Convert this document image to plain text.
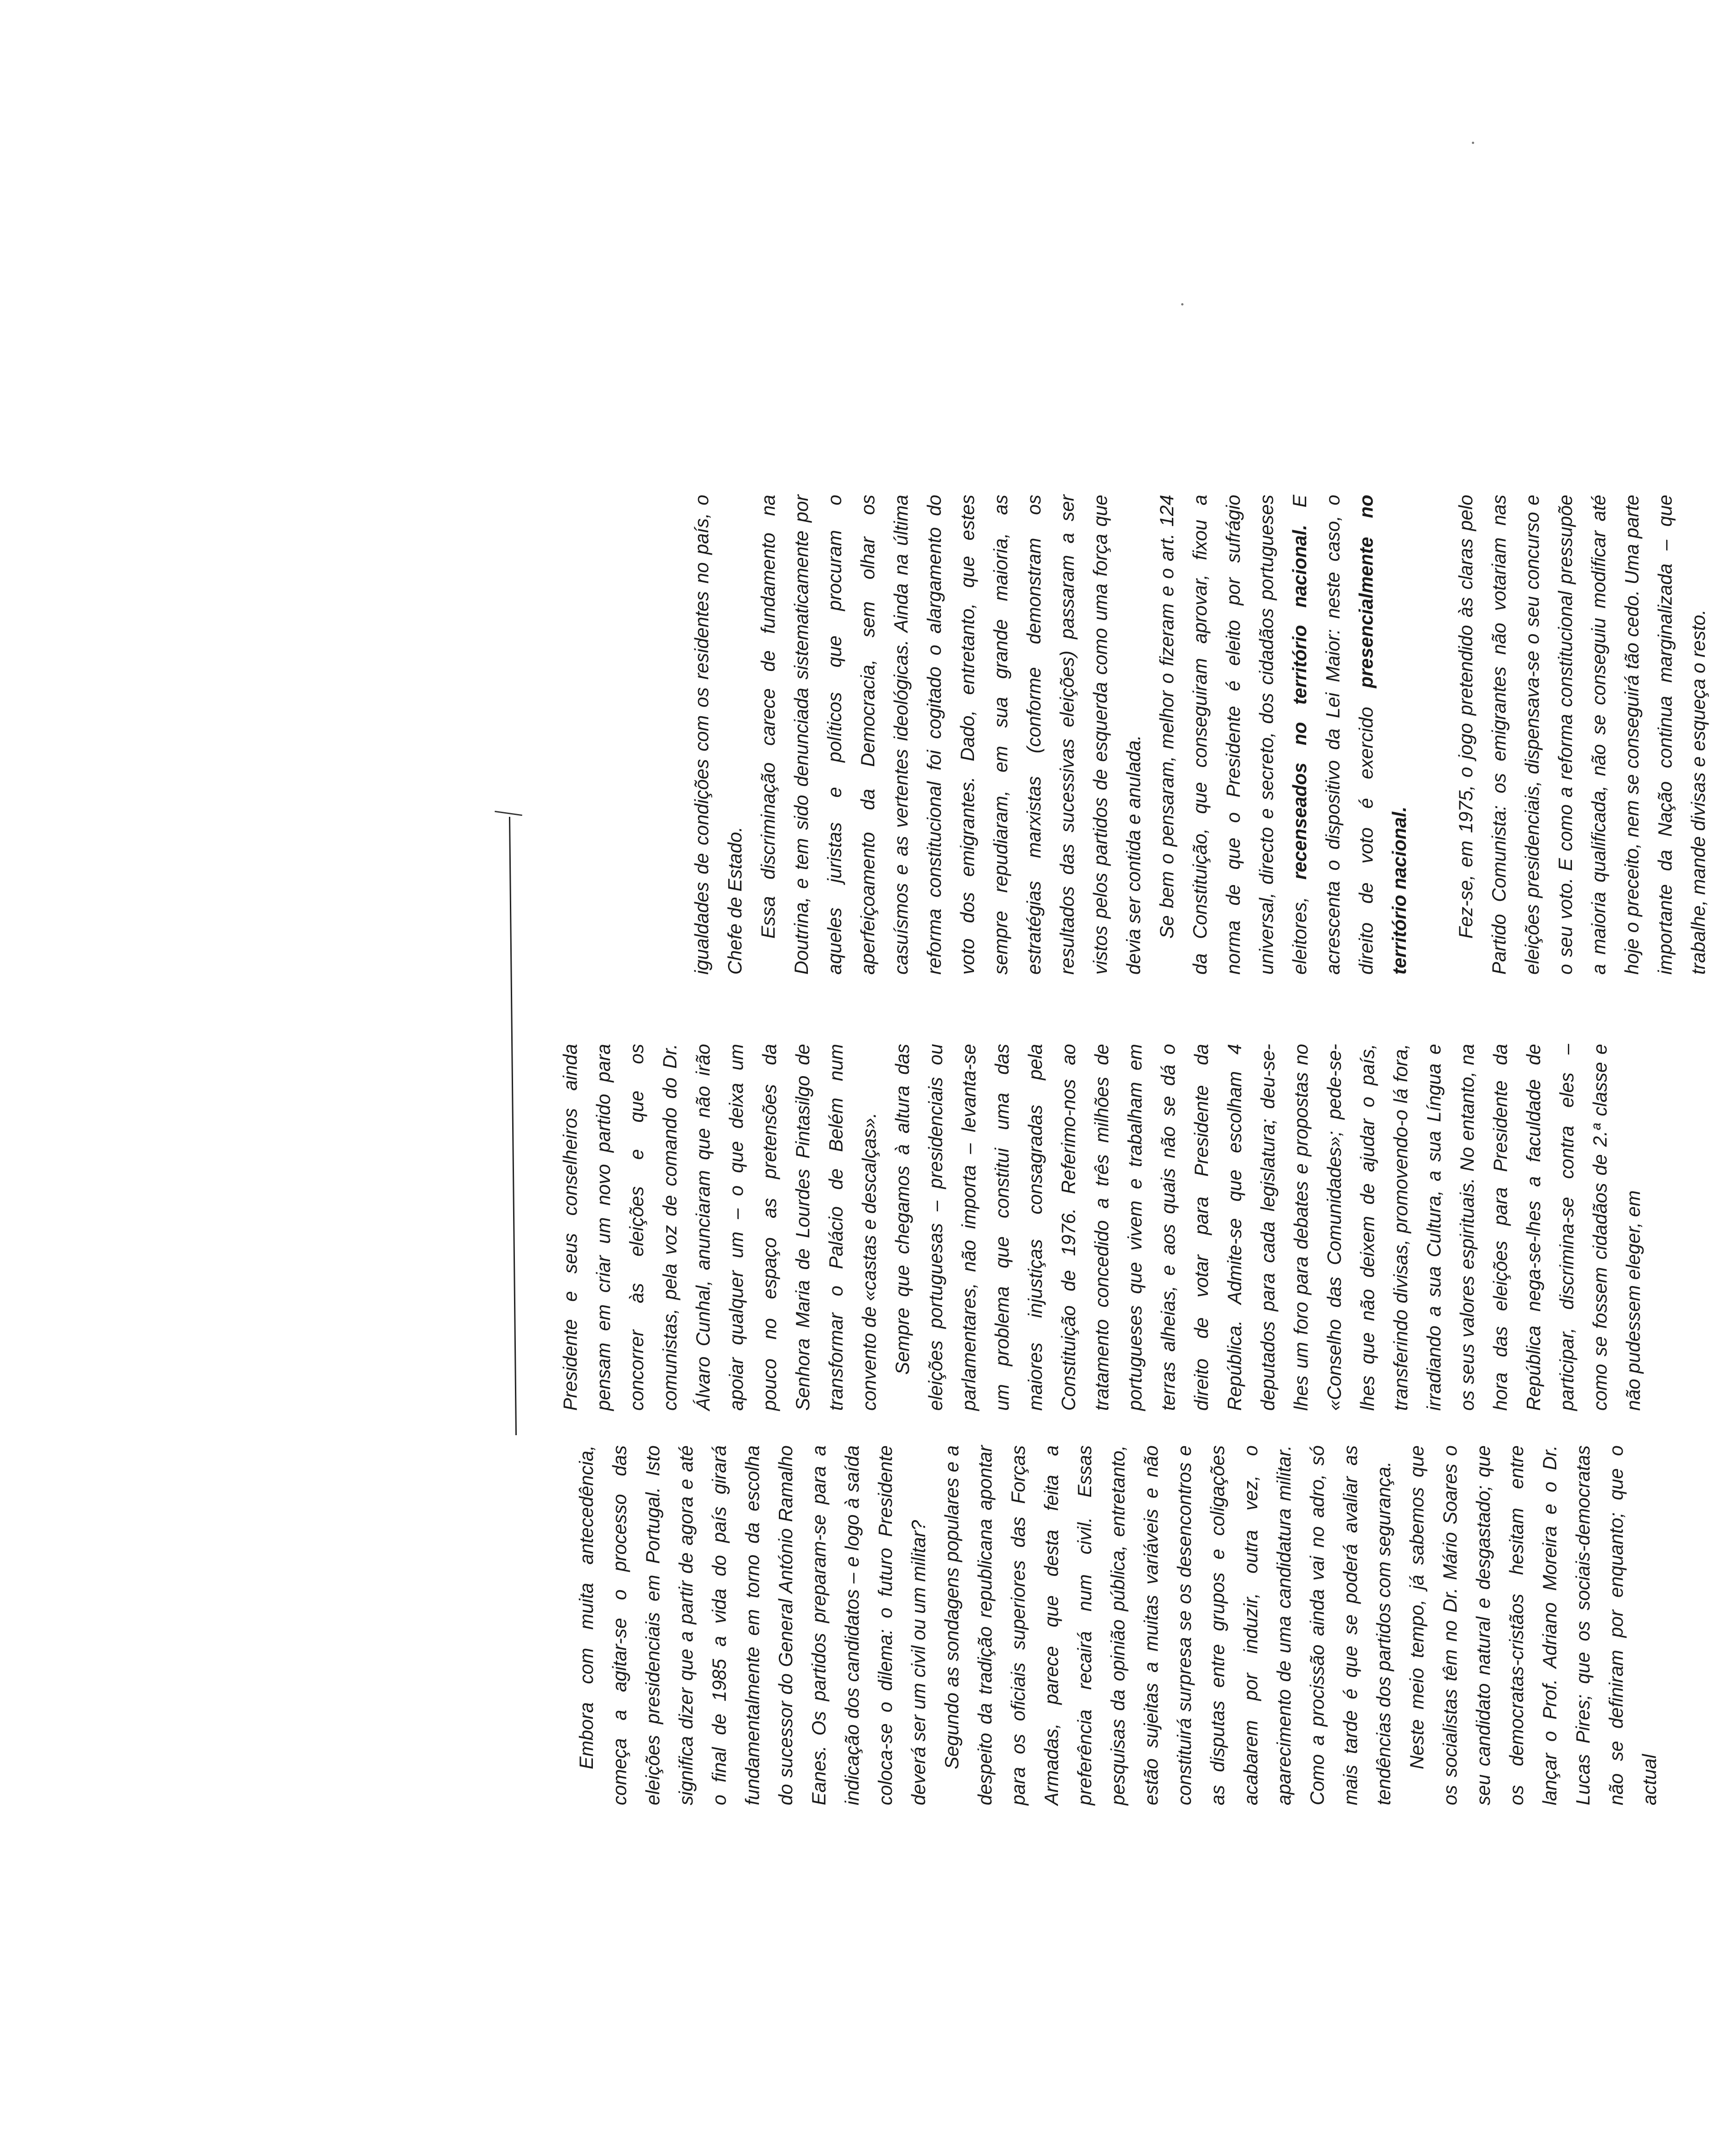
Embora com muita antecedência, começa a agitar-se o processo das eleições presidenciais em Portugal. Isto significa dizer que a partir de agora e até o final de 1985 a vida do país girará fundamentalmente em torno da escolha do sucessor do General António Ramalho Eanes. Os partidos preparam-se para a indicação dos candidatos – e logo à saída coloca-se o dilema: o futuro Presidente deverá ser um civil ou um militar? Segundo as sondagens populares e a despeito da tradição republicana apontar para os oficiais superiores das Forças Armadas, parece que desta feita a preferência recairá num civil. Essas pesquisas da opinião pública, entretanto, estão sujeitas a muitas variáveis e não constituirá surpresa se os desencontros e as disputas entre grupos e coligações acabarem por induzir, outra vez, o aparecimento de uma candidatura militar. Como a procissão ainda vai no adro, só mais tarde é que se poderá avaliar as tendências dos partidos com segurança. Neste meio tempo, já sabemos que os socialistas têm no Dr. Mário Soares o seu candidato natural e desgastado; que os democratas-cristãos hesitam entre lançar o Prof. Adriano Moreira e o Dr. Lucas Pires; que os sociais-democratas não se definiram por enquanto; que o actual

Presidente e seus conselheiros ainda pensam em criar um novo partido para concorrer às eleições e que os comunistas, pela voz de comando do Dr. Álvaro Cunhal, anunciaram que não irão apoiar qualquer um – o que deixa um pouco no espaço as pretensões da Senhora Maria de Lourdes Pintasilgo de transformar o Palácio de Belém num convento de «castas e descalças». Sempre que chegamos à altura das eleições portuguesas – presidenciais ou parlamentares, não importa – levanta-se um problema que constitui uma das maiores injustiças consagradas pela Constituição de 1976. Referimo-nos ao tratamento concedido a três milhões de portugueses que vivem e trabalham em terras alheias, e aos quais não se dá o direito de votar para Presidente da República. Admite-se que escolham 4 deputados para cada legislatura; deu-se-lhes um foro para debates e propostas no «Conselho das Comunidades»; pede-se-lhes que não deixem de ajudar o país, transferindo divisas, promovendo-o lá fora, irradiando a sua Cultura, a sua Língua e os seus valores espirituais. No entanto, na hora das eleições para Presidente da República nega-se-lhes a faculdade de participar, discrimina-se contra eles – como se fossem cidadãos de 2.ª classe e não pudessem eleger, em

igualdades de condições com os residentes no país, o Chefe de Estado. Essa discriminação carece de fundamento na Doutrina, e tem sido denunciada sistematicamente por aqueles juristas e políticos que procuram o aperfeiçoamento da Democracia, sem olhar os casuísmos e as vertentes ideológicas. Ainda na última reforma constitucional foi cogitado o alargamento do voto dos emigrantes. Dado, entretanto, que estes sempre repudiaram, em sua grande maioria, as estratégias marxistas (conforme demonstram os resultados das sucessivas eleições) passaram a ser vistos pelos partidos de esquerda como uma força que devia ser contida e anulada. Se bem o pensaram, melhor o fizeram e o art. 124 da Constituição, que conseguiram aprovar, fixou a norma de que o Presidente é eleito por sufrágio universal, directo e secreto, dos cidadãos portugueses eleitores, recenseados no território nacional. E acrescenta o dispositivo da Lei Maior: neste caso, o direito de voto é exercido presencialmente no território nacional.	Fez-se, em 1975, o jogo pretendido às claras pelo Partido Comunista: os emigrantes não votariam nas eleições presidenciais, dispensava-se o seu concurso e o seu voto. E como a reforma constitucional pressupõe a maioria qualificada, não se conseguiu modificar até hoje o preceito, nem se conseguirá tão cedo. Uma parte importante da Nação continua marginalizada – que trabalhe, mande divisas e esqueça o resto.
